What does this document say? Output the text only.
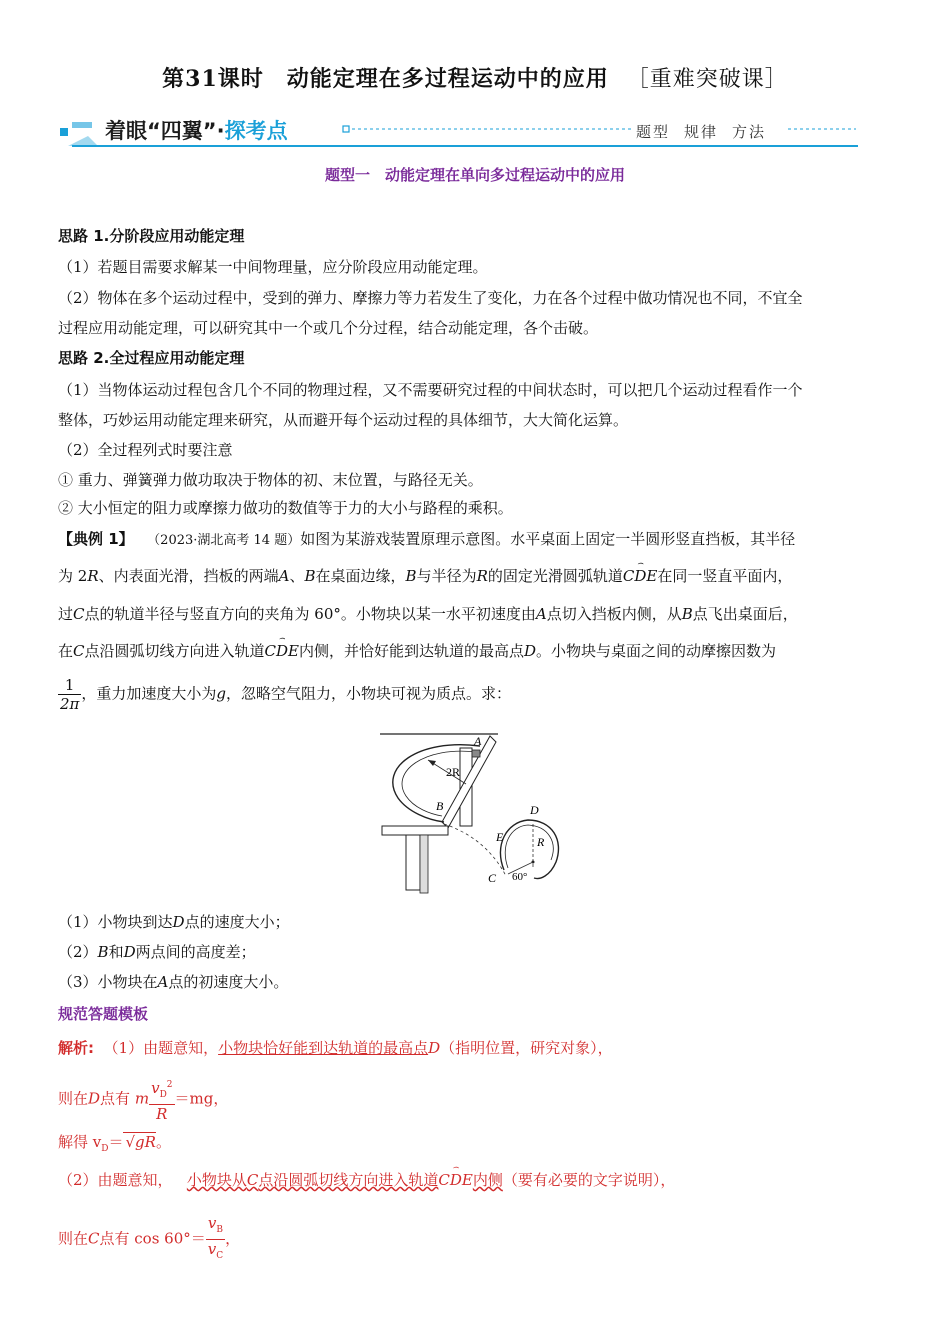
第31课时　动能定理在多过程运动中的应用 ［重难突破课］
着眼“四翼”·探考点	题型 规律 方法
题型一　动能定理在单向多过程运动中的应用
思路 1.分阶段应用动能定理
（1）若题目需要求解某一中间物理量，应分阶段应用动能定理。
（2）物体在多个运动过程中，受到的弹力、摩擦力等力若发生了变化，力在各个过程中做功情况也不同，不宜全
过程应用动能定理，可以研究其中一个或几个分过程，结合动能定理，各个击破。
思路 2.全过程应用动能定理
（1）当物体运动过程包含几个不同的物理过程，又不需要研究过程的中间状态时，可以把几个运动过程看作一个
整体，巧妙运用动能定理来研究，从而避开每个运动过程的具体细节，大大简化运算。
（2）全过程列式时要注意
① 重力、弹簧弹力做功取决于物体的初、末位置，与路径无关。
② 大小恒定的阻力或摩擦力做功的数值等于力的大小与路程的乘积。
【典例 1】 （2023·湖北高考 14 题）如图为某游戏装置原理示意图。水平桌面上固定一半圆形竖直挡板，其半径
为 2R、内表面光滑，挡板的两端A、B在桌面边缘，B与半径为R的固定光滑圆弧轨道⌢ CDE在同一竖直平面内，
过C点的轨道半径与竖直方向的夹角为 60°。小物块以某一水平初速度由A点切入挡板内侧，从B点飞出桌面后，
在C点沿圆弧切线方向进入轨道⌢ CDE内侧，并恰好能到达轨道的最高点D。小物块与桌面之间的动摩擦因数为
$\frac{1}{2\pi}$ ，重力加速度大小为g，忽略空气阻力，小物块可视为质点。求：
A
2R
B	D
E	R
C 60°
（1）小物块到达D点的速度大小；
（2）B和D两点间的高度差；
（3）小物块在A点的初速度大小。
规范答题模板
解析: （1）由题意知，小物块恰好能到达轨道的最高点D（指明位置，研究对象），
则在D点有 m $\frac{v_D^2}{R} =mg$，
解得 $v_D= √gR$。
（2）由题意知， 小物块从C点沿圆弧切线方向进入轨道⌢ CDE内侧（要有必要的文字说明），
则在C点有 $\cos 60^\circ= \frac{v_B}{v_C}$ ，
